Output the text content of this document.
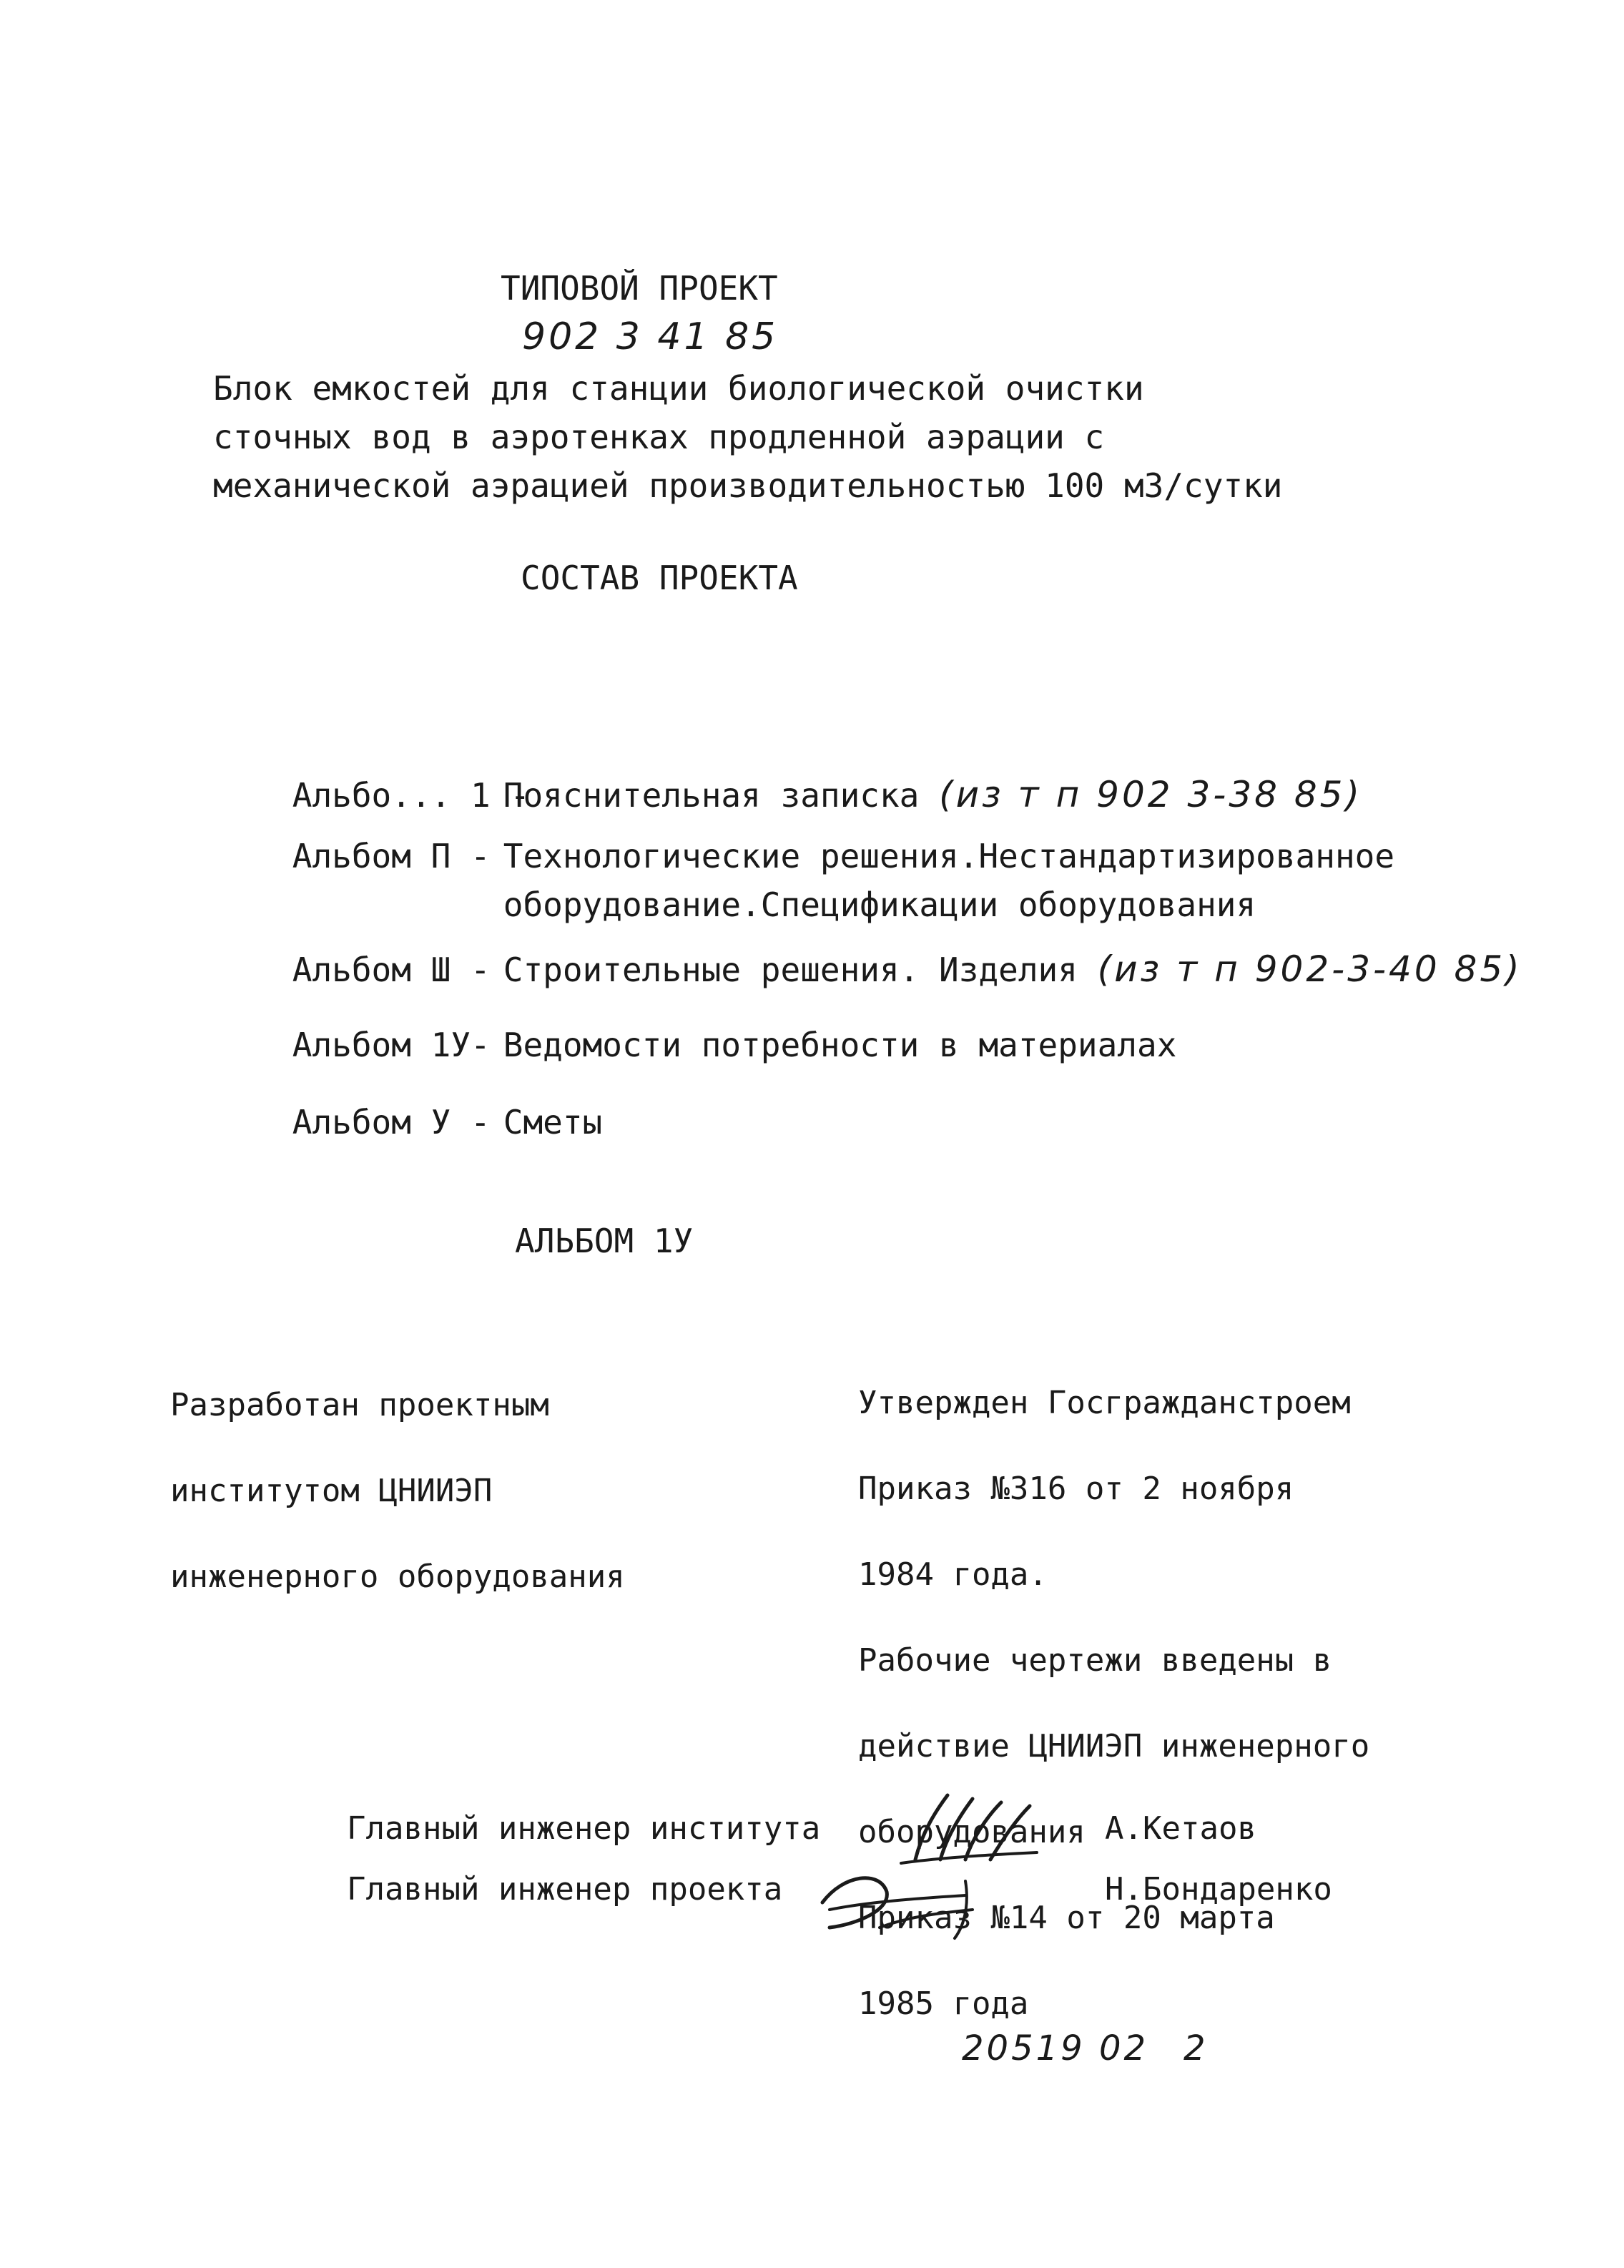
ТИПОВОЙ ПРОЕКТ
902 3 41 85
Блок емкостей для станции биологической очистки
сточных вод в аэротенках продленной аэрации с
механической аэрацией производительностью 100 м3/сутки
СОСТАВ ПРОЕКТА

Альбо... 1 -Пояснительная записка (из т п 902 3-38 85)

Альбом П - Технологические решения.Нестандартизированное

оборудование.Спецификации оборудования

Альбом Ш - Строительные решения. Изделия (из т п 902-3-40 85)

Альбом 1У- Ведомости потребности в материалах

Альбом У - Сметы

АЛЬБОМ 1У

Разработан проектным

институтом ЦНИИЭП

инженерного оборудования

Утвержден Госгражданстроем

Приказ №316 от 2 ноября

1984 года.

Рабочие чертежи введены в

действие ЦНИИЭП инженерного

оборудования

Приказ №14 от 20 марта

1985 года

Главный инженер института	А.Кетаов
Главный инженер проекта	Н.Бондаренко
20519 02 2
